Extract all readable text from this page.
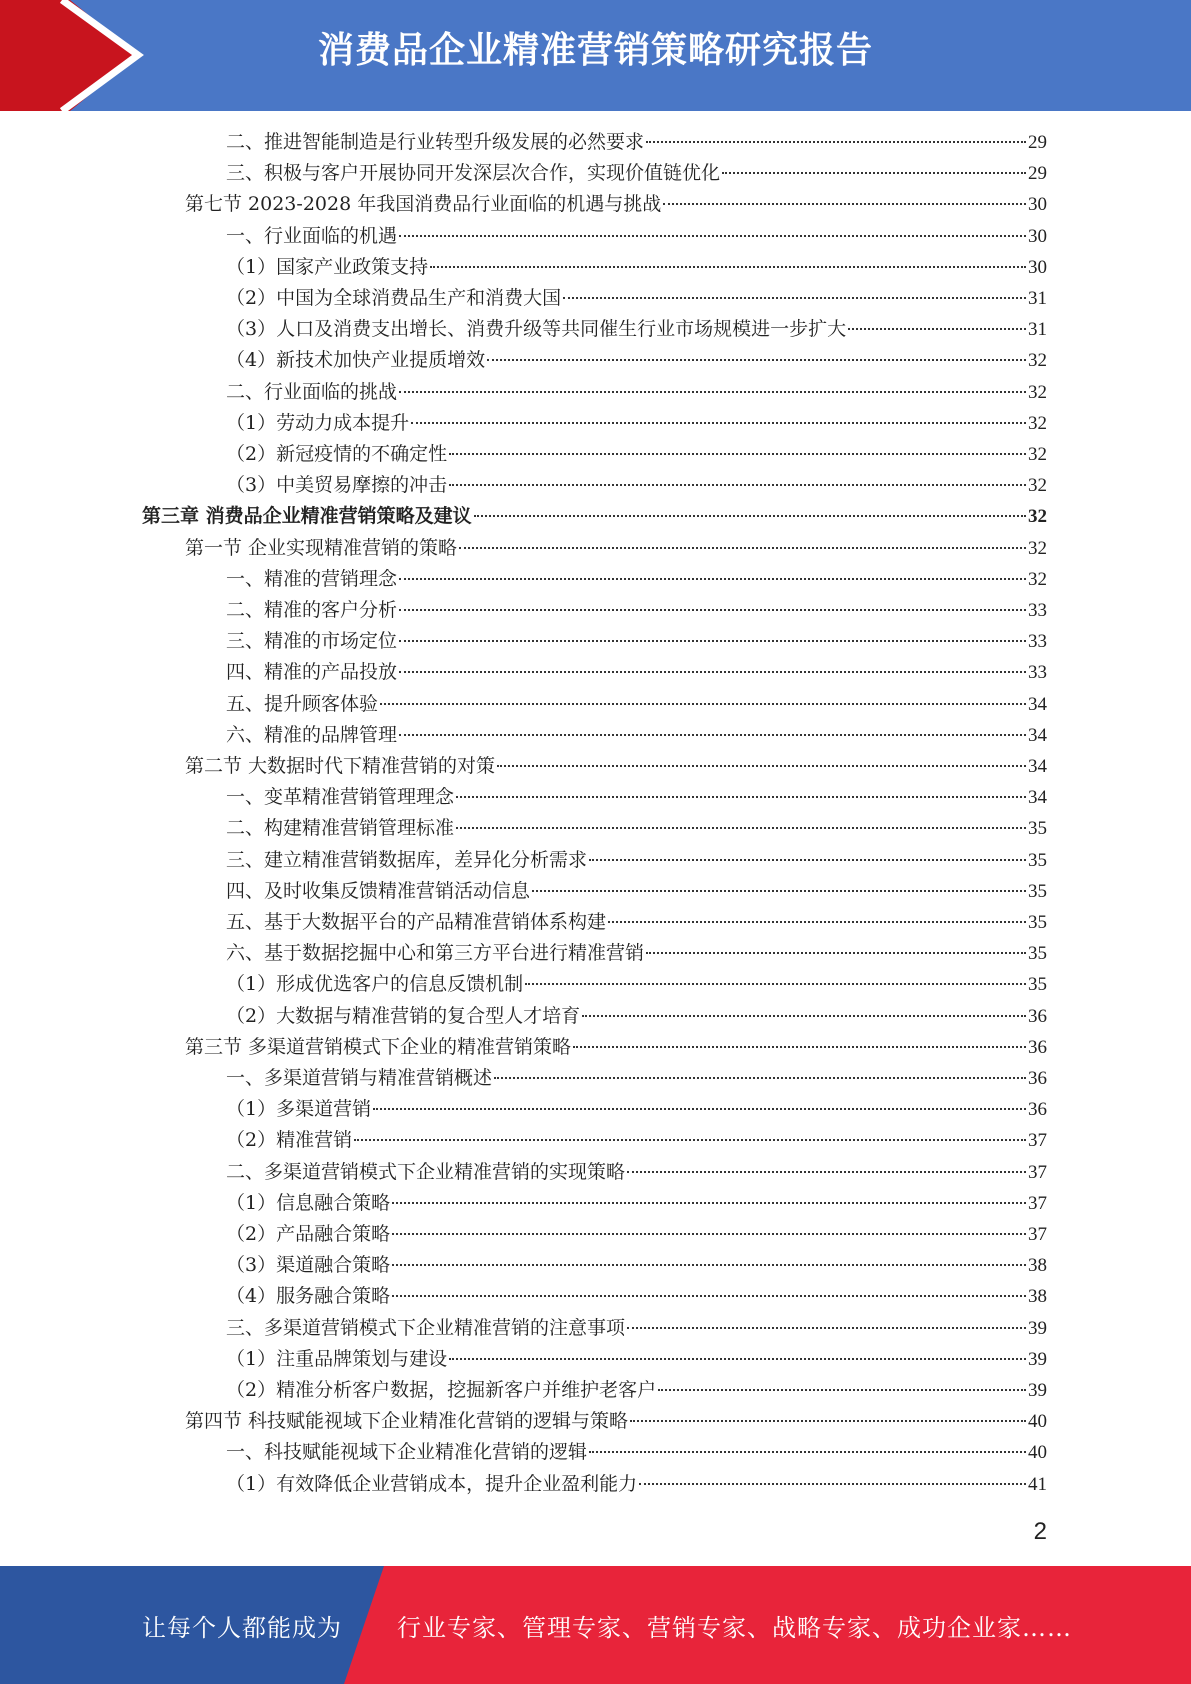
消费品企业精准营销策略研究报告
二、推进智能制造是行业转型升级发展的必然要求	29
三、积极与客户开展协同开发深层次合作，实现价值链优化	29
第七节 2023-2028 年我国消费品行业面临的机遇与挑战	30
一、行业面临的机遇	30
（1）国家产业政策支持	30
（2）中国为全球消费品生产和消费大国	31
（3）人口及消费支出增长、消费升级等共同催生行业市场规模进一步扩大	31
（4）新技术加快产业提质增效	32
二、行业面临的挑战	32
（1）劳动力成本提升	32
（2）新冠疫情的不确定性	32
（3）中美贸易摩擦的冲击	32
第三章 消费品企业精准营销策略及建议	32
第一节 企业实现精准营销的策略	32
一、精准的营销理念	32
二、精准的客户分析	33
三、精准的市场定位	33
四、精准的产品投放	33
五、提升顾客体验	34
六、精准的品牌管理	34
第二节 大数据时代下精准营销的对策	34
一、变革精准营销管理理念	34
二、构建精准营销管理标准	35
三、建立精准营销数据库，差异化分析需求	35
四、及时收集反馈精准营销活动信息	35
五、基于大数据平台的产品精准营销体系构建	35
六、基于数据挖掘中心和第三方平台进行精准营销	35
（1）形成优选客户的信息反馈机制	35
（2）大数据与精准营销的复合型人才培育	36
第三节 多渠道营销模式下企业的精准营销策略	36
一、多渠道营销与精准营销概述	36
（1）多渠道营销	36
（2）精准营销	37
二、多渠道营销模式下企业精准营销的实现策略	37
（1）信息融合策略	37
（2）产品融合策略	37
（3）渠道融合策略	38
（4）服务融合策略	38
三、多渠道营销模式下企业精准营销的注意事项	39
（1）注重品牌策划与建设	39
（2）精准分析客户数据，挖掘新客户并维护老客户	39
第四节 科技赋能视域下企业精准化营销的逻辑与策略	40
一、科技赋能视域下企业精准化营销的逻辑	40
（1）有效降低企业营销成本，提升企业盈利能力	41
2
让每个人都能成为 行业专家、管理专家、营销专家、战略专家、成功企业家……
